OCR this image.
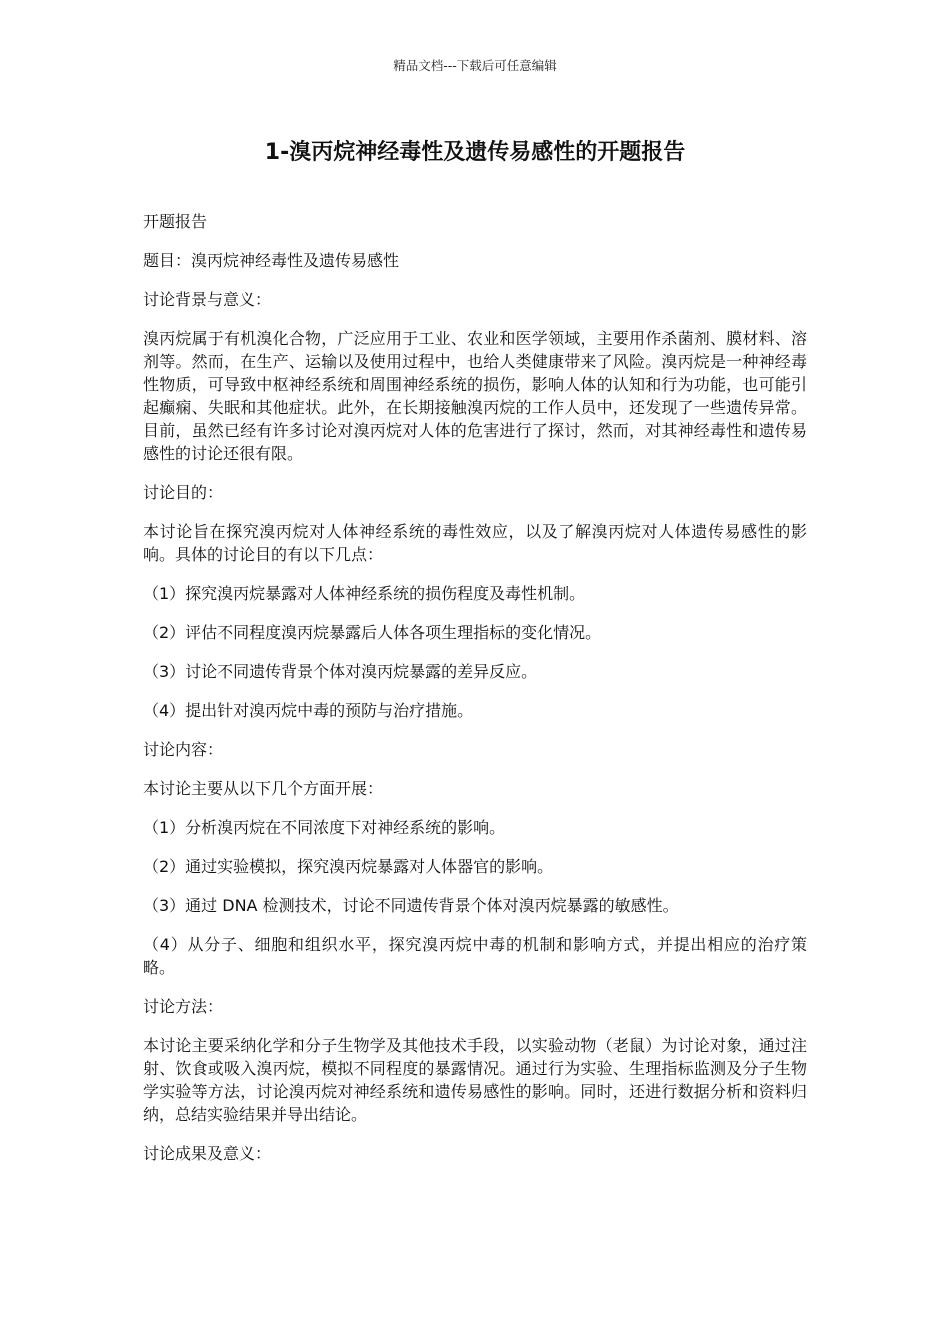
精品文档---下载后可任意编辑
1-溴丙烷神经毒性及遗传易感性的开题报告

开题报告

题目：溴丙烷神经毒性及遗传易感性

讨论背景与意义：

溴丙烷属于有机溴化合物，广泛应用于工业、农业和医学领域，主要用作杀菌剂、膜材料、溶剂等。然而，在生产、运输以及使用过程中，也给人类健康带来了风险。溴丙烷是一种神经毒性物质，可导致中枢神经系统和周围神经系统的损伤，影响人体的认知和行为功能，也可能引起癫痫、失眠和其他症状。此外，在长期接触溴丙烷的工作人员中，还发现了一些遗传异常。目前，虽然已经有许多讨论对溴丙烷对人体的危害进行了探讨，然而，对其神经毒性和遗传易感性的讨论还很有限。

讨论目的：

本讨论旨在探究溴丙烷对人体神经系统的毒性效应，以及了解溴丙烷对人体遗传易感性的影响。具体的讨论目的有以下几点：

（1）探究溴丙烷暴露对人体神经系统的损伤程度及毒性机制。

（2）评估不同程度溴丙烷暴露后人体各项生理指标的变化情况。

（3）讨论不同遗传背景个体对溴丙烷暴露的差异反应。

（4）提出针对溴丙烷中毒的预防与治疗措施。

讨论内容：

本讨论主要从以下几个方面开展：

（1）分析溴丙烷在不同浓度下对神经系统的影响。

（2）通过实验模拟，探究溴丙烷暴露对人体器官的影响。

（3）通过 DNA 检测技术，讨论不同遗传背景个体对溴丙烷暴露的敏感性。

（4）从分子、细胞和组织水平，探究溴丙烷中毒的机制和影响方式，并提出相应的治疗策略。

讨论方法：

本讨论主要采纳化学和分子生物学及其他技术手段，以实验动物（老鼠）为讨论对象，通过注射、饮食或吸入溴丙烷，模拟不同程度的暴露情况。通过行为实验、生理指标监测及分子生物学实验等方法，讨论溴丙烷对神经系统和遗传易感性的影响。同时，还进行数据分析和资料归纳，总结实验结果并导出结论。

讨论成果及意义：
